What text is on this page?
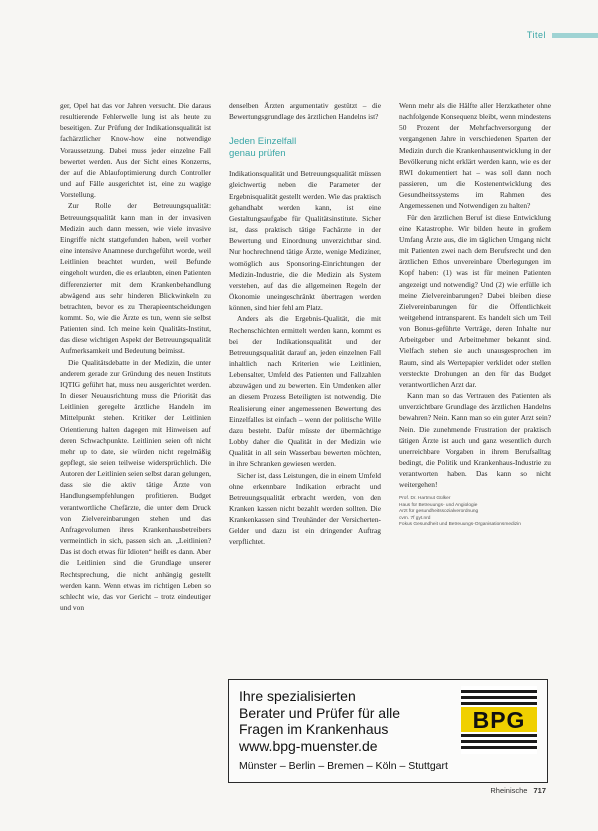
Titel

ger, Opel hat das vor Jahren versucht. Die daraus resultierende Fehlerwelle lung ist als heute zu beseitigen. Zur Prüfung der Indikationsqualität ist fachärztlicher Know-how eine notwendige Voraussetzung. Dabei muss jeder einzelne Fall bewertet werden. Aus der Sicht eines Konzerns, der auf die Ablaufoptimierung durch Controller und auf Fälle ausgerichtet ist, eine zu wagige Vorstellung.

Zur Rolle der Betreuungsqualität: Betreuungsqualität kann man in der invasiven Medizin auch dann messen, wie viele invasive Eingriffe nicht stattgefunden haben, weil vorher eine intensive Anamnese durchgeführt worde, weil Leitlinien beachtet wurden, weil Befunde eingeholt wurden, die es erlaubten, einen Patienten differenzierter mit dem Krankenbehandlung abwägend aus sehr hinderen Blickwinkeln zu betrachten, bevor es zu Therapieentscheidungen kommt. So, wie die Ärzte es tun, wenn sie selbst Patienten sind. Ich meine kein Qualitäts-Institut, das diese wichtigen Aspekt der Betreuungsqualität Aufmerksamkeit und Bedeutung beimisst.

Die Qualitätsdebatte in der Medizin, die unter anderem gerade zur Gründung des neuen Instituts IQTIG geführt hat, muss neu ausgerichtet werden. In dieser Neuausrichtung muss die Priorität das Leitlinien geregelte ärztliche Handeln im Mittelpunkt stehen. Kritiker der Leitlinien Orientierung halten dagegen mit Hinweisen auf deren Schwachpunkte. Leitlinien seien oft nicht mehr up to date, sie würden nicht regelmäßig gepflegt, sie seien teilweise widersprüchlich. Die Autoren der Leitlinien seien selbst daran gelungen, dass sie die aktiv tätige Ärzte von Handlungsempfehlungen profitieren. Budget verantwortliche Chefärzte, die unter dem Druck von Zielvereinbarungen stehen und das Anfragevolumen ihres Krankenhausbetreibers vermeintlich in sich, passen sich an. „Leitlinien? Das ist doch etwas für Idioten“ heißt es dann. Aber die Leitlinien sind die Grundlage unserer Rechtsprechung, die nicht anhängig gestellt werden kann. Wenn etwas im richtigen Leben so schlecht wie, das vor Gericht – trotz eindeutiger und von

denselben Ärzten argumentativ gestützt – die Bewertungsgrundlage des ärztlichen Handelns ist?

Jeden Einzelfall
genau prüfen

Indikationsqualität und Betreuungsqualität müssen gleichwertig neben die Parameter der Ergebnisqualität gestellt werden. Wie das praktisch gehandhabt werden kann, ist eine Gestaltungsaufgabe für Qualitätsinstitute. Sicher ist, dass praktisch tätige Fachärzte in der Bewertung und Einordnung unverzichtbar sind. Nur hochrechnend tätige Ärzte, wenige Mediziner, womöglich aus Sponsoring-Einrichtungen der Medizin-Industrie, die die Medizin als System verstehen, auf das die allgemeinen Regeln der Ökonomie uneingeschränkt übertragen werden können, sind hier fehl am Platz.

Anders als die Ergebnis-Qualität, die mit Rechenschichten ermittelt werden kann, kommt es bei der Indikationsqualität und der Betreuungsqualität darauf an, jeden einzelnen Fall inhaltlich nach Kriterien wie Leitlinien, Lebensalter, Umfeld des Patienten und Fallzahlen abzuwägen und zu bewerten. Ein Umdenken aller an diesem Prozess Beteiligten ist notwendig. Die Realisierung einer angemessenen Bewertung des Einzelfalles ist einfach – wenn der politische Wille dazu besteht. Dafür müsste der übermächtige Lobby daher die Qualität in der Medizin wie Qualität in all sein Wasserbau bewerten möchten, in ihre Schranken gewiesen werden.

Sicher ist, dass Leistungen, die in einem Umfeld ohne erkennbare Indikation erbracht und Betreuungsqualität erbracht werden, von den Kranken kassen nicht bezahlt werden sollten. Die Krankenkassen sind Treuhänder der Versicherten-Gelder und dazu ist ein dringender Auftrag verpflichtet.

Wenn mehr als die Hälfte aller Herzkatheter ohne nachfolgende Konsequenz bleibt, wenn mindestens 50 Prozent der Mehrfachversorgung der vergangenen Jahre in verschiedenen Sparten der Medizin durch die Krankenhausentwicklung in der Bevölkerung nicht erklärt werden kann, wie es der RWI dokumentiert hat – was soll dann noch passieren, um die Kostenentwicklung des Gesundheitssystems im Rahmen des Angemessenen und Notwendigen zu halten?

Für den ärztlichen Beruf ist diese Entwicklung eine Katastrophe. Wir bilden heute in großem Umfang Ärzte aus, die im täglichen Umgang nicht mit Patienten zwei nach dem Berufsrecht und den ärztlichen Ethos unvereinbare Überlegungen im Kopf haben: (1) was ist für meinen Patienten angezeigt und notwendig? Und (2) wie erfülle ich meine Zielvereinbarungen? Dabei bleiben diese Zielvereinbarungen für die Öffentlichkeit weitgehend intransparent. Es handelt sich um Teil von Bonus-geführte Verträge, deren Inhalte nur Arbeitgeber und Arbeitnehmer bekannt sind. Vielfach stehen sie auch unausgesprochen im Raum, sind als Wertepapier verklidet oder stellen versteckte Drohungen an den für das Budget verantwortlichen Arzt dar.

Kann man so das Vertrauen des Patienten als unverzichtbare Grundlage des ärztlichen Handelns bewahren? Nein. Kann man so ein guter Arzt sein? Nein. Die zunehmende Frustration der praktisch tätigen Ärzte ist auch und ganz wesentlich durch unerreichbare Vorgaben in ihrem Berufsalltag bedingt, die Politik und Krankenhaus-Industrie zu verantworten haben. Das kann so nicht weitergehen!

Prof. Dr. Hartmut Gülker
Haus für Betreuungs- und Angiologie
Arzt für gesundheitssozialverordnung
cvm. 7f gyt.nrd
Fokus Gesundheit und Betreuungs-Organisationsmedizin
Ihre spezialisierten
Berater und Prüfer für alle
Fragen im Krankenhaus
www.bpg-muenster.de
Münster – Berlin – Bremen – Köln – Stuttgart
BPG
Rheinische 717
